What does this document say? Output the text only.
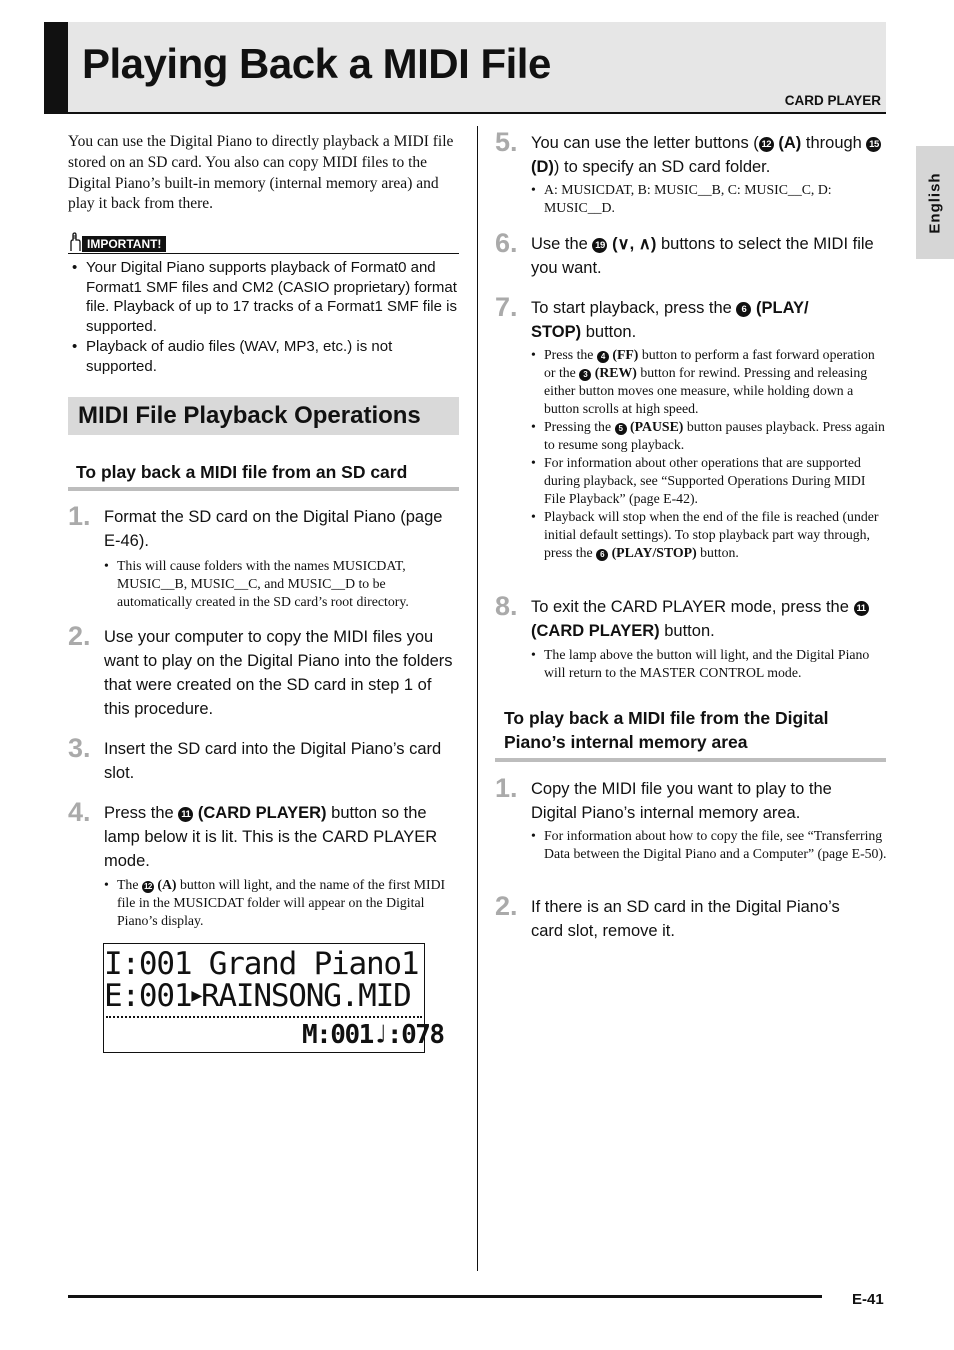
Playing Back a MIDI File
CARD PLAYER
English

You can use the Digital Piano to directly playback a MIDI file stored on an SD card. You also can copy MIDI files to the Digital Piano’s built-in memory (internal memory area) and play it back from there.

IMPORTANT!
• Your Digital Piano supports playback of Format0 and Format1 SMF files and CM2 (CASIO proprietary) format file. Playback of up to 17 tracks of a Format1 SMF file is supported.
• Playback of audio files (WAV, MP3, etc.) is not supported.
MIDI File Playback Operations
To play back a MIDI file from an SD card
1. Format the SD card on the Digital Piano (page E-46).
• This will cause folders with the names MUSICDAT, MUSIC__B, MUSIC__C, and MUSIC__D to be automatically created in the SD card’s root directory.
2. Use your computer to copy the MIDI files you want to play on the Digital Piano into the folders that were created on the SD card in step 1 of this procedure.
3. Insert the SD card into the Digital Piano’s card slot.
4. Press the 11 (CARD PLAYER) button so the lamp below it is lit. This is the CARD PLAYER mode.
• The 12 (A) button will light, and the name of the first MIDI file in the MUSICDAT folder will appear on the Digital Piano’s display.
I:001 Grand Piano1
E:001▶RAINSONG.MID
M:001♩:078
5. You can use the letter buttons ( 12 (A) through 15 (D)) to specify an SD card folder.
• A: MUSICDAT, B: MUSIC__B, C: MUSIC__C, D: MUSIC__D.
6. Use the 19 (∨, ∧) buttons to select the MIDI file you want.
7. To start playback, press the 6 (PLAY/ STOP) button.
• Press the 4 (FF) button to perform a fast forward operation or the 3 (REW) button for rewind. Pressing and releasing either button moves one measure, while holding down a button scrolls at high speed.
• Pressing the 5 (PAUSE) button pauses playback. Press again to resume song playback.
• For information about other operations that are supported during playback, see “Supported Operations During MIDI File Playback” (page E-42).
• Playback will stop when the end of the file is reached (under initial default settings). To stop playback part way through, press the 6 (PLAY/STOP) button.
8. To exit the CARD PLAYER mode, press the 11 (CARD PLAYER) button.
• The lamp above the button will light, and the Digital Piano will return to the MASTER CONTROL mode.
To play back a MIDI file from the Digital Piano’s internal memory area
1. Copy the MIDI file you want to play to the Digital Piano’s internal memory area.
• For information about how to copy the file, see “Transferring Data between the Digital Piano and a Computer” (page E-50).
2. If there is an SD card in the Digital Piano’s card slot, remove it.
E-41
